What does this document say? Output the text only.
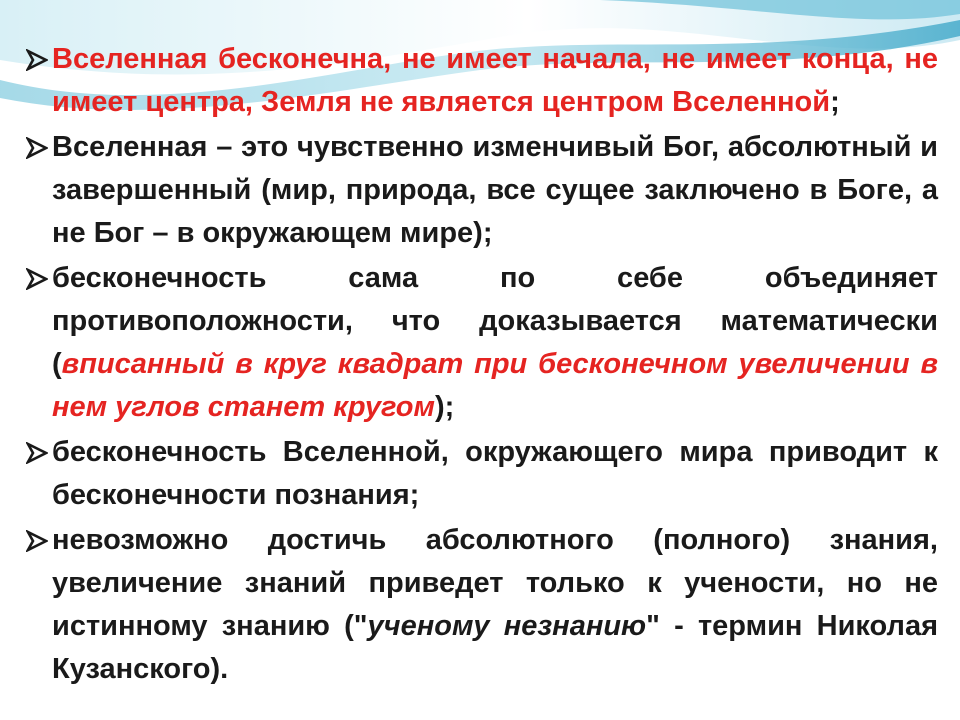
Вселенная бесконечна, не имеет начала, не имеет конца, не имеет центра, Земля не является центром Вселенной;

Вселенная – это чувственно изменчивый Бог, абсолютный и завершенный (мир, природа, все сущее заключено в Боге, а не Бог – в окружающем мире);

бесконечность сама по себе объединяет противоположности, что доказывается математически (вписанный в круг квадрат при бесконечном увеличении в нем углов станет кругом);

бесконечность Вселенной, окружающего мира приводит к бесконечности познания;

невозможно достичь абсолютного (полного) знания, увеличение знаний приведет только к учености, но не истинному знанию ("ученому незнанию" - термин Николая Кузанского).
